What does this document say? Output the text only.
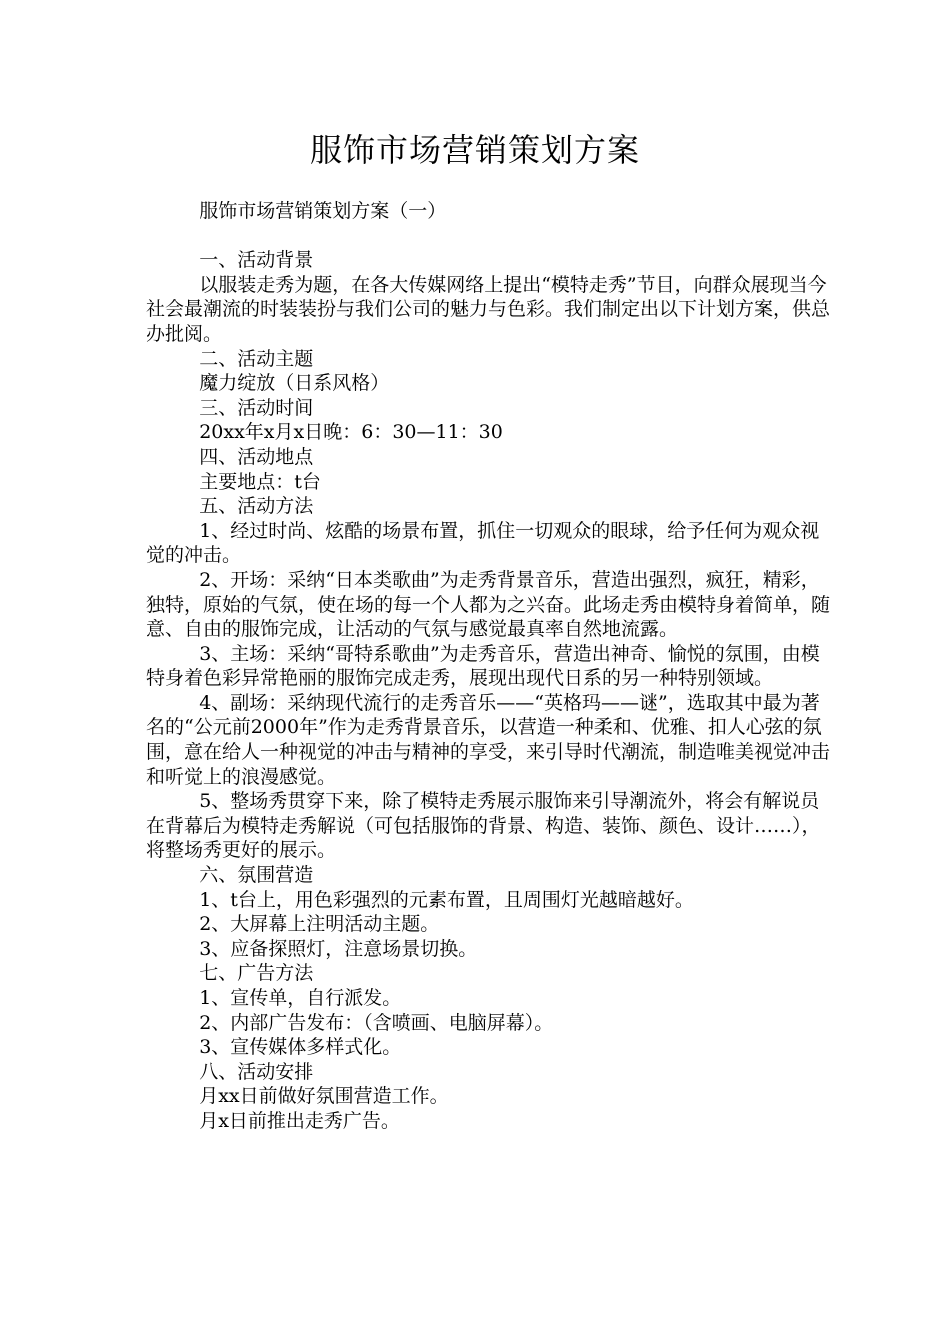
服饰市场营销策划方案

服饰市场营销策划方案（一）

一、活动背景

以服装走秀为题，在各大传媒网络上提出“模特走秀”节目，向群众展现当今社会最潮流的时装装扮与我们公司的魅力与色彩。我们制定出以下计划方案，供总办批阅。

二、活动主题

魔力绽放（日系风格）

三、活动时间

20xx年x月x日晚：6：30—11：30

四、活动地点

主要地点：t台

五、活动方法

1、经过时尚、炫酷的场景布置，抓住一切观众的眼球，给予任何为观众视觉的冲击。

2、开场：采纳“日本类歌曲”为走秀背景音乐，营造出强烈，疯狂，精彩，独特，原始的气氛，使在场的每一个人都为之兴奋。此场走秀由模特身着简单，随意、自由的服饰完成，让活动的气氛与感觉最真率自然地流露。

3、主场：采纳“哥特系歌曲”为走秀音乐，营造出神奇、愉悦的氛围，由模特身着色彩异常艳丽的服饰完成走秀，展现出现代日系的另一种特别领域。

4、副场：采纳现代流行的走秀音乐——“英格玛——谜”，选取其中最为著名的“公元前2000年”作为走秀背景音乐，以营造一种柔和、优雅、扣人心弦的氛围，意在给人一种视觉的冲击与精神的享受，来引导时代潮流，制造唯美视觉冲击和听觉上的浪漫感觉。

5、整场秀贯穿下来，除了模特走秀展示服饰来引导潮流外，将会有解说员在背幕后为模特走秀解说（可包括服饰的背景、构造、装饰、颜色、设计……），将整场秀更好的展示。

六、氛围营造

1、t台上，用色彩强烈的元素布置，且周围灯光越暗越好。

2、大屏幕上注明活动主题。

3、应备探照灯，注意场景切换。

七、广告方法

1、宣传单，自行派发。

2、内部广告发布：（含喷画、电脑屏幕）。

3、宣传媒体多样式化。

八、活动安排

月xx日前做好氛围营造工作。

月x日前推出走秀广告。
